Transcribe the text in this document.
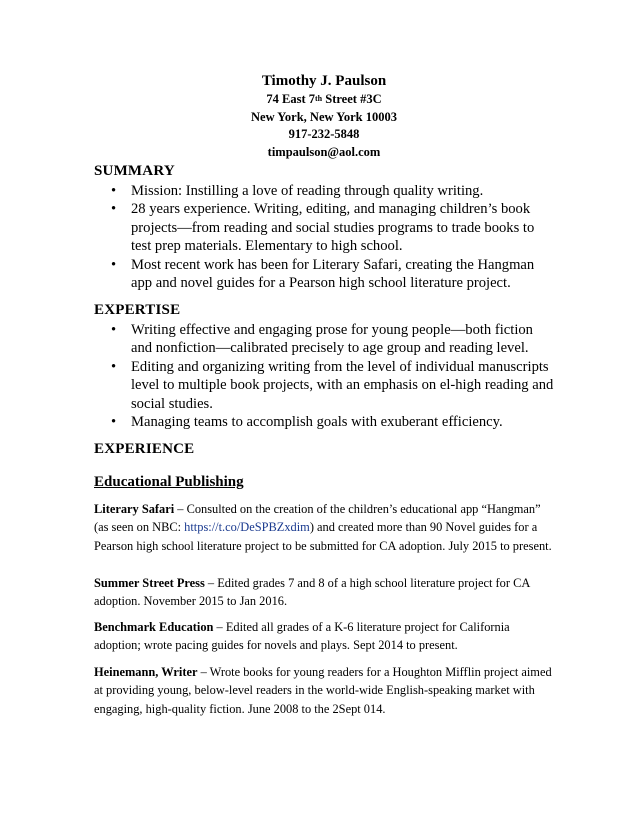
Timothy J. Paulson
74 East 7th Street #3C
New York, New York 10003
917-232-5848
timpaulson@aol.com
SUMMARY
• Mission: Instilling a love of reading through quality writing.
• 28 years experience. Writing, editing, and managing children’s book projects—from reading and social studies programs to trade books to test prep materials. Elementary to high school.
• Most recent work has been for Literary Safari, creating the Hangman app and novel guides for a Pearson high school literature project.
EXPERTISE
• Writing effective and engaging prose for young people—both fiction and nonfiction—calibrated precisely to age group and reading level.
• Editing and organizing writing from the level of individual manuscripts level to multiple book projects, with an emphasis on el-high reading and social studies.
• Managing teams to accomplish goals with exuberant efficiency.
EXPERIENCE
Educational Publishing
Literary Safari – Consulted on the creation of the children’s educational app “Hangman” (as seen on NBC: https://t.co/DeSPBZxdim) and created more than 90 Novel guides for a Pearson high school literature project to be submitted for CA adoption. July 2015 to present.
Summer Street Press – Edited grades 7 and 8 of a high school literature project for CA adoption. November 2015 to Jan 2016.
Benchmark Education – Edited all grades of a K-6 literature project for California adoption; wrote pacing guides for novels and plays. Sept 2014 to present.
Heinemann, Writer – Wrote books for young readers for a Houghton Mifflin project aimed at providing young, below-level readers in the world-wide English-speaking market with engaging, high-quality fiction. June 2008 to the 2Sept 014.
